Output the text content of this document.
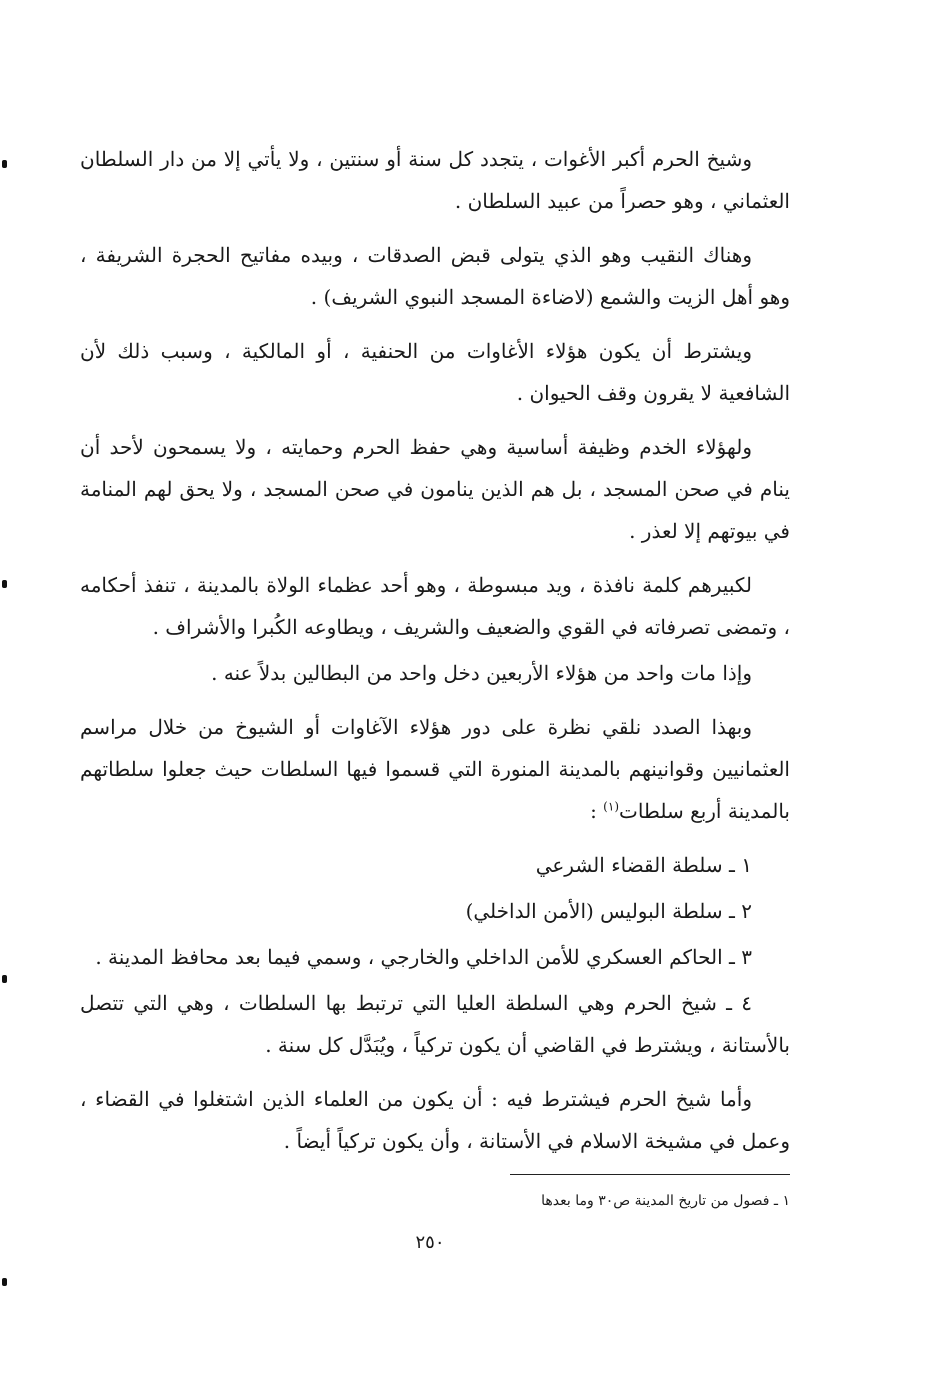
وشيخ الحرم أكبر الأغوات ، يتجدد كل سنة أو سنتين ، ولا يأتي إلا من دار السلطان العثماني ، وهو حصراً من عبيد السلطان .

وهناك النقيب وهو الذي يتولى قبض الصدقات ، وبيده مفاتيح الحجرة الشريفة ، وهو أهل الزيت والشمع (لاضاءة المسجد النبوي الشريف) .

ويشترط أن يكون هؤلاء الأغاوات من الحنفية ، أو المالكية ، وسبب ذلك لأن الشافعية لا يقرون وقف الحيوان .

ولهؤلاء الخدم وظيفة أساسية وهي حفظ الحرم وحمايته ، ولا يسمحون لأحد أن ينام في صحن المسجد ، بل هم الذين ينامون في صحن المسجد ، ولا يحق لهم المنامة في بيوتهم إلا لعذر .

لكبيرهم كلمة نافذة ، ويد مبسوطة ، وهو أحد عظماء الولاة بالمدينة ، تنفذ أحكامه ، وتمضى تصرفاته في القوي والضعيف والشريف ، ويطاوعه الكُبرا والأشراف .

وإذا مات واحد من هؤلاء الأربعين دخل واحد من البطالين بدلاً عنه .

وبهذا الصدد نلقي نظرة على دور هؤلاء الآغاوات أو الشيوخ من خلال مراسم العثمانيين وقوانينهم بالمدينة المنورة التي قسموا فيها السلطات حيث جعلوا سلطاتهم بالمدينة أربع سلطات$^{(١)}$ :

١ ـ سلطة القضاء الشرعي

٢ ـ سلطة البوليس (الأمن الداخلي)

٣ ـ الحاكم العسكري للأمن الداخلي والخارجي ، وسمي فيما بعد محافظ المدينة .

٤ ـ شيخ الحرم وهي السلطة العليا التي ترتبط بها السلطات ، وهي التي تتصل بالأستانة ، ويشترط في القاضي أن يكون تركياً ، ويُبَدَّل كل سنة .

وأما شيخ الحرم فيشترط فيه : أن يكون من العلماء الذين اشتغلوا في القضاء ، وعمل في مشيخة الاسلام في الأستانة ، وأن يكون تركياً أيضاً .

١ ـ فصول من تاريخ المدينة ص٣٠ وما بعدها
٢٥٠
